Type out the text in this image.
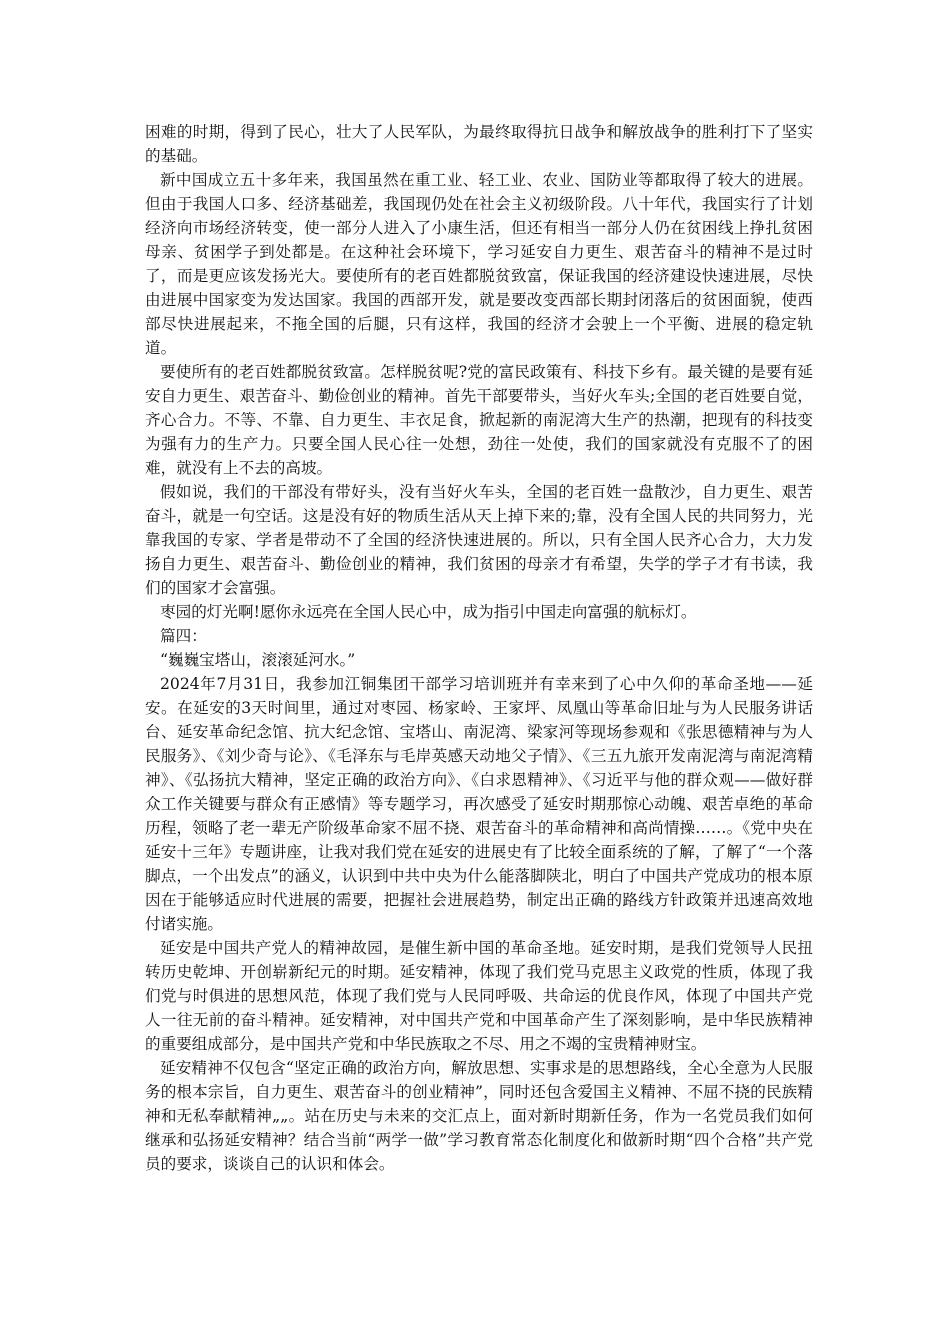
困难的时期，得到了民心，壮大了人民军队，为最终取得抗日战争和解放战争的胜利打下了坚实的基础。

新中国成立五十多年来，我国虽然在重工业、轻工业、农业、国防业等都取得了较大的进展。但由于我国人口多、经济基础差，我国现仍处在社会主义初级阶段。八十年代，我国实行了计划经济向市场经济转变，使一部分人进入了小康生活，但还有相当一部分人仍在贫困线上挣扎贫困母亲、贫困学子到处都是。在这种社会环境下，学习延安自力更生、艰苦奋斗的精神不是过时了，而是更应该发扬光大。要使所有的老百姓都脱贫致富，保证我国的经济建设快速进展，尽快由进展中国家变为发达国家。我国的西部开发，就是要改变西部长期封闭落后的贫困面貌，使西部尽快进展起来，不拖全国的后腿，只有这样，我国的经济才会驶上一个平衡、进展的稳定轨道。

要使所有的老百姓都脱贫致富。怎样脱贫呢?党的富民政策有、科技下乡有。最关键的是要有延安自力更生、艰苦奋斗、勤俭创业的精神。首先干部要带头，当好火车头;全国的老百姓要自觉，齐心合力。不等、不靠、自力更生、丰衣足食，掀起新的南泥湾大生产的热潮，把现有的科技变为强有力的生产力。只要全国人民心往一处想，劲往一处使，我们的国家就没有克服不了的困难，就没有上不去的高坡。

假如说，我们的干部没有带好头，没有当好火车头，全国的老百姓一盘散沙，自力更生、艰苦奋斗，就是一句空话。这是没有好的物质生活从天上掉下来的;靠，没有全国人民的共同努力，光靠我国的专家、学者是带动不了全国的经济快速进展的。所以，只有全国人民齐心合力，大力发扬自力更生、艰苦奋斗、勤俭创业的精神，我们贫困的母亲才有希望，失学的学子才有书读，我们的国家才会富强。

枣园的灯光啊!愿你永远亮在全国人民心中，成为指引中国走向富强的航标灯。

篇四：

“巍巍宝塔山，滚滚延河水。”

2024年7月31日，我参加江铜集团干部学习培训班并有幸来到了心中久仰的革命圣地——延安。在延安的3天时间里，通过对枣园、杨家岭、王家坪、凤凰山等革命旧址与为人民服务讲话台、延安革命纪念馆、抗大纪念馆、宝塔山、南泥湾、梁家河等现场参观和《张思德精神与为人民服务》、《刘少奇与论》、《毛泽东与毛岸英感天动地父子情》、《三五九旅开发南泥湾与南泥湾精神》、《弘扬抗大精神，坚定正确的政治方向》、《白求恩精神》、《习近平与他的群众观——做好群众工作关键要与群众有正感情》等专题学习，再次感受了延安时期那惊心动魄、艰苦卓绝的革命历程，领略了老一辈无产阶级革命家不屈不挠、艰苦奋斗的革命精神和高尚情操……。《党中央在延安十三年》专题讲座，让我对我们党在延安的进展史有了比较全面系统的了解，了解了“一个落脚点，一个出发点”的涵义，认识到中共中央为什么能落脚陕北，明白了中国共产党成功的根本原因在于能够适应时代进展的需要，把握社会进展趋势，制定出正确的路线方针政策并迅速高效地付诸实施。

延安是中国共产党人的精神故园，是催生新中国的革命圣地。延安时期，是我们党领导人民扭转历史乾坤、开创崭新纪元的时期。延安精神，体现了我们党马克思主义政党的性质，体现了我们党与时俱进的思想风范，体现了我们党与人民同呼吸、共命运的优良作风，体现了中国共产党人一往无前的奋斗精神。延安精神，对中国共产党和中国革命产生了深刻影响，是中华民族精神的重要组成部分，是中国共产党和中华民族取之不尽、用之不竭的宝贵精神财宝。

延安精神不仅包含“坚定正确的政治方向，解放思想、实事求是的思想路线，全心全意为人民服务的根本宗旨，自力更生、艰苦奋斗的创业精神”，同时还包含爱国主义精神、不屈不挠的民族精神和无私奉献精神„„。站在历史与未来的交汇点上，面对新时期新任务，作为一名党员我们如何继承和弘扬延安精神？结合当前“两学一做”学习教育常态化制度化和做新时期“四个合格”共产党员的要求，谈谈自己的认识和体会。
